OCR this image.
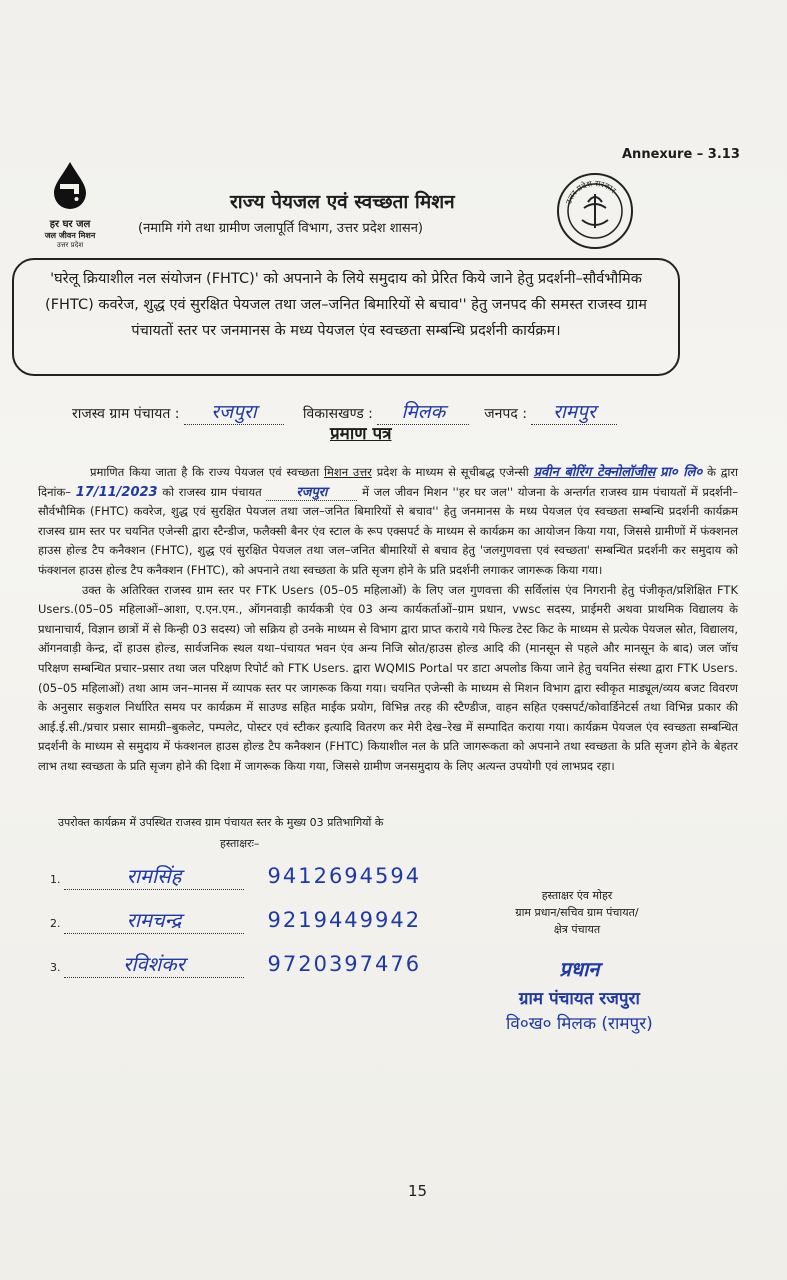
Annexure – 3.13
हर घर जल
जल जीवन मिशन
उत्तर प्रदेश
उत्तर प्रदेश सरकार
राज्य पेयजल एवं स्वच्छता मिशन
(नमामि गंगे तथा ग्रामीण जलापूर्ति विभाग, उत्तर प्रदेश शासन)
'घरेलू क्रियाशील नल संयोजन (FHTC)' को अपनाने के लिये समुदाय को प्रेरित किये जाने हेतु प्रदर्शनी–सौर्वभौमिक (FHTC) कवरेज, शुद्ध एवं सुरक्षित पेयजल तथा जल–जनित बिमारियों से बचाव'' हेतु जनपद की समस्त राजस्व ग्राम पंचायतों स्तर पर जनमानस के मध्य पेयजल एंव स्वच्छता सम्बन्धि प्रदर्शनी कार्यक्रम।
राजस्व ग्राम पंचायत : रजपुरा	विकासखण्ड : मिलक	जनपद : रामपुर
प्रमाण पत्र

प्रमाणित किया जाता है कि राज्य पेयजल एवं स्वच्छता मिशन उत्तर प्रदेश के माध्यम से सूचीबद्ध एजेन्सी प्रवीन बोरिंग टेक्नोलॉजीस प्रा० लि० के द्वारा दिनांक– 17/11/2023 को राजस्व ग्राम पंचायत	रजपुरा	में जल जीवन मिशन ''हर घर जल'' योजना के अन्तर्गत राजस्व ग्राम पंचायतों में प्रदर्शनी–सौर्वभौमिक (FHTC) कवरेज, शुद्ध एवं सुरक्षित पेयजल तथा जल–जनित बिमारियों से बचाव'' हेतु जनमानस के मध्य पेयजल एंव स्वच्छता सम्बन्धि प्रदर्शनी कार्यक्रम राजस्व ग्राम स्तर पर चयनित एजेन्सी द्वारा स्टैन्डीज, फलैक्सी बैनर एंव स्टाल के रूप एक्सपर्ट के माध्यम से कार्यक्रम का आयोजन किया गया, जिससे ग्रामीणों में फंक्शनल हाउस होल्ड टैप कनैक्शन (FHTC), शुद्ध एवं सुरक्षित पेयजल तथा जल–जनित बीमारियों से बचाव हेतु 'जलगुणवत्ता एवं स्वच्छता' सम्बन्धित प्रदर्शनी कर समुदाय को फंक्शनल हाउस होल्ड टैप कनैक्शन (FHTC), को अपनाने तथा स्वच्छता के प्रति सृजग होने के प्रति प्रदर्शनी लगाकर जागरूक किया गया।

उक्त के अतिरिक्त राजस्व ग्राम स्तर पर FTK Users (05–05 महिलाओं) के लिए जल गुणवत्ता की सर्विलांस एंव निगरानी हेतु पंजीकृत/प्रशिक्षित FTK Users.(05–05 महिलाओं–आशा, ए.एन.एम., ऑगनवाड़ी कार्यकत्री एंव 03 अन्य कार्यकर्ताओं–ग्राम प्रधान, vwsc सदस्य, प्राईमरी अथवा प्राथमिक विद्यालय के प्रधानाचार्य, विज्ञान छात्रों में से किन्ही 03 सदस्य) जो सक्रिय हो उनके माध्यम से विभाग द्वारा प्राप्त कराये गये फिल्ड टेस्ट किट के माध्यम से प्रत्येक पेयजल स्रोत, विद्यालय, ऑगनवाड़ी केन्द्र, दों हाउस होल्ड, सार्वजनिक स्थल यथा–पंचायत भवन एंव अन्य निजि स्रोत/हाउस होल्ड आदि की (मानसून से पहले और मानसून के बाद) जल जॉच परिक्षण सम्बन्धित प्रचार–प्रसार तथा जल परिक्षण रिपोर्ट को FTK Users. द्वारा WQMIS Portal पर डाटा अपलोड किया जाने हेतु चयनित संस्था द्वारा FTK Users.(05–05 महिलाओं) तथा आम जन–मानस में व्यापक स्तर पर जागरूक किया गया। चयनित एजेन्सी के माध्यम से मिशन विभाग द्वारा स्वीकृत माड्यूल/व्यय बजट विवरण के अनुसार सकुशल निर्धारित समय पर कार्यक्रम में साउण्ड सहित माईक प्रयोग, विभिन्न तरह की स्टैण्डीज, वाहन सहित एक्सपर्ट/कोवार्डिनेटर्स तथा विभिन्न प्रकार की आई.ई.सी./प्रचार प्रसार सामग्री–बुकलेट, पम्पलेट, पोस्टर एवं स्टीकर इत्यादि वितरण कर मेरी देख–रेख में सम्पादित कराया गया। कार्यक्रम पेयजल एंव स्वच्छता सम्बन्धित प्रदर्शनी के माध्यम से समुदाय में फंक्शनल हाउस होल्ड टैप कनैक्शन (FHTC) कियाशील नल के प्रति जागरूकता को अपनाने तथा स्वच्छता के प्रति सृजग होने के बेहतर लाभ तथा स्वच्छता के प्रति सृजग होने की दिशा में जागरूक किया गया, जिससे ग्रामीण जनसमुदाय के लिए अत्यन्त उपयोगी एवं लाभप्रद रहा।

उपरोक्त कार्यक्रम में उपस्थित राजस्व ग्राम पंचायत स्तर के मुख्य 03 प्रतिभागियों के
हस्ताक्षरः–
1.	रामसिंह	9412694594
2.	रामचन्द्र	9219449942
3.	रविशंकर	9720397476
हस्ताक्षर एंव मोहर
ग्राम प्रधान/सचिव ग्राम पंचायत/
क्षेत्र पंचायत
प्रधान
ग्राम पंचायत रजपुरा
वि०ख० मिलक (रामपुर)
15
